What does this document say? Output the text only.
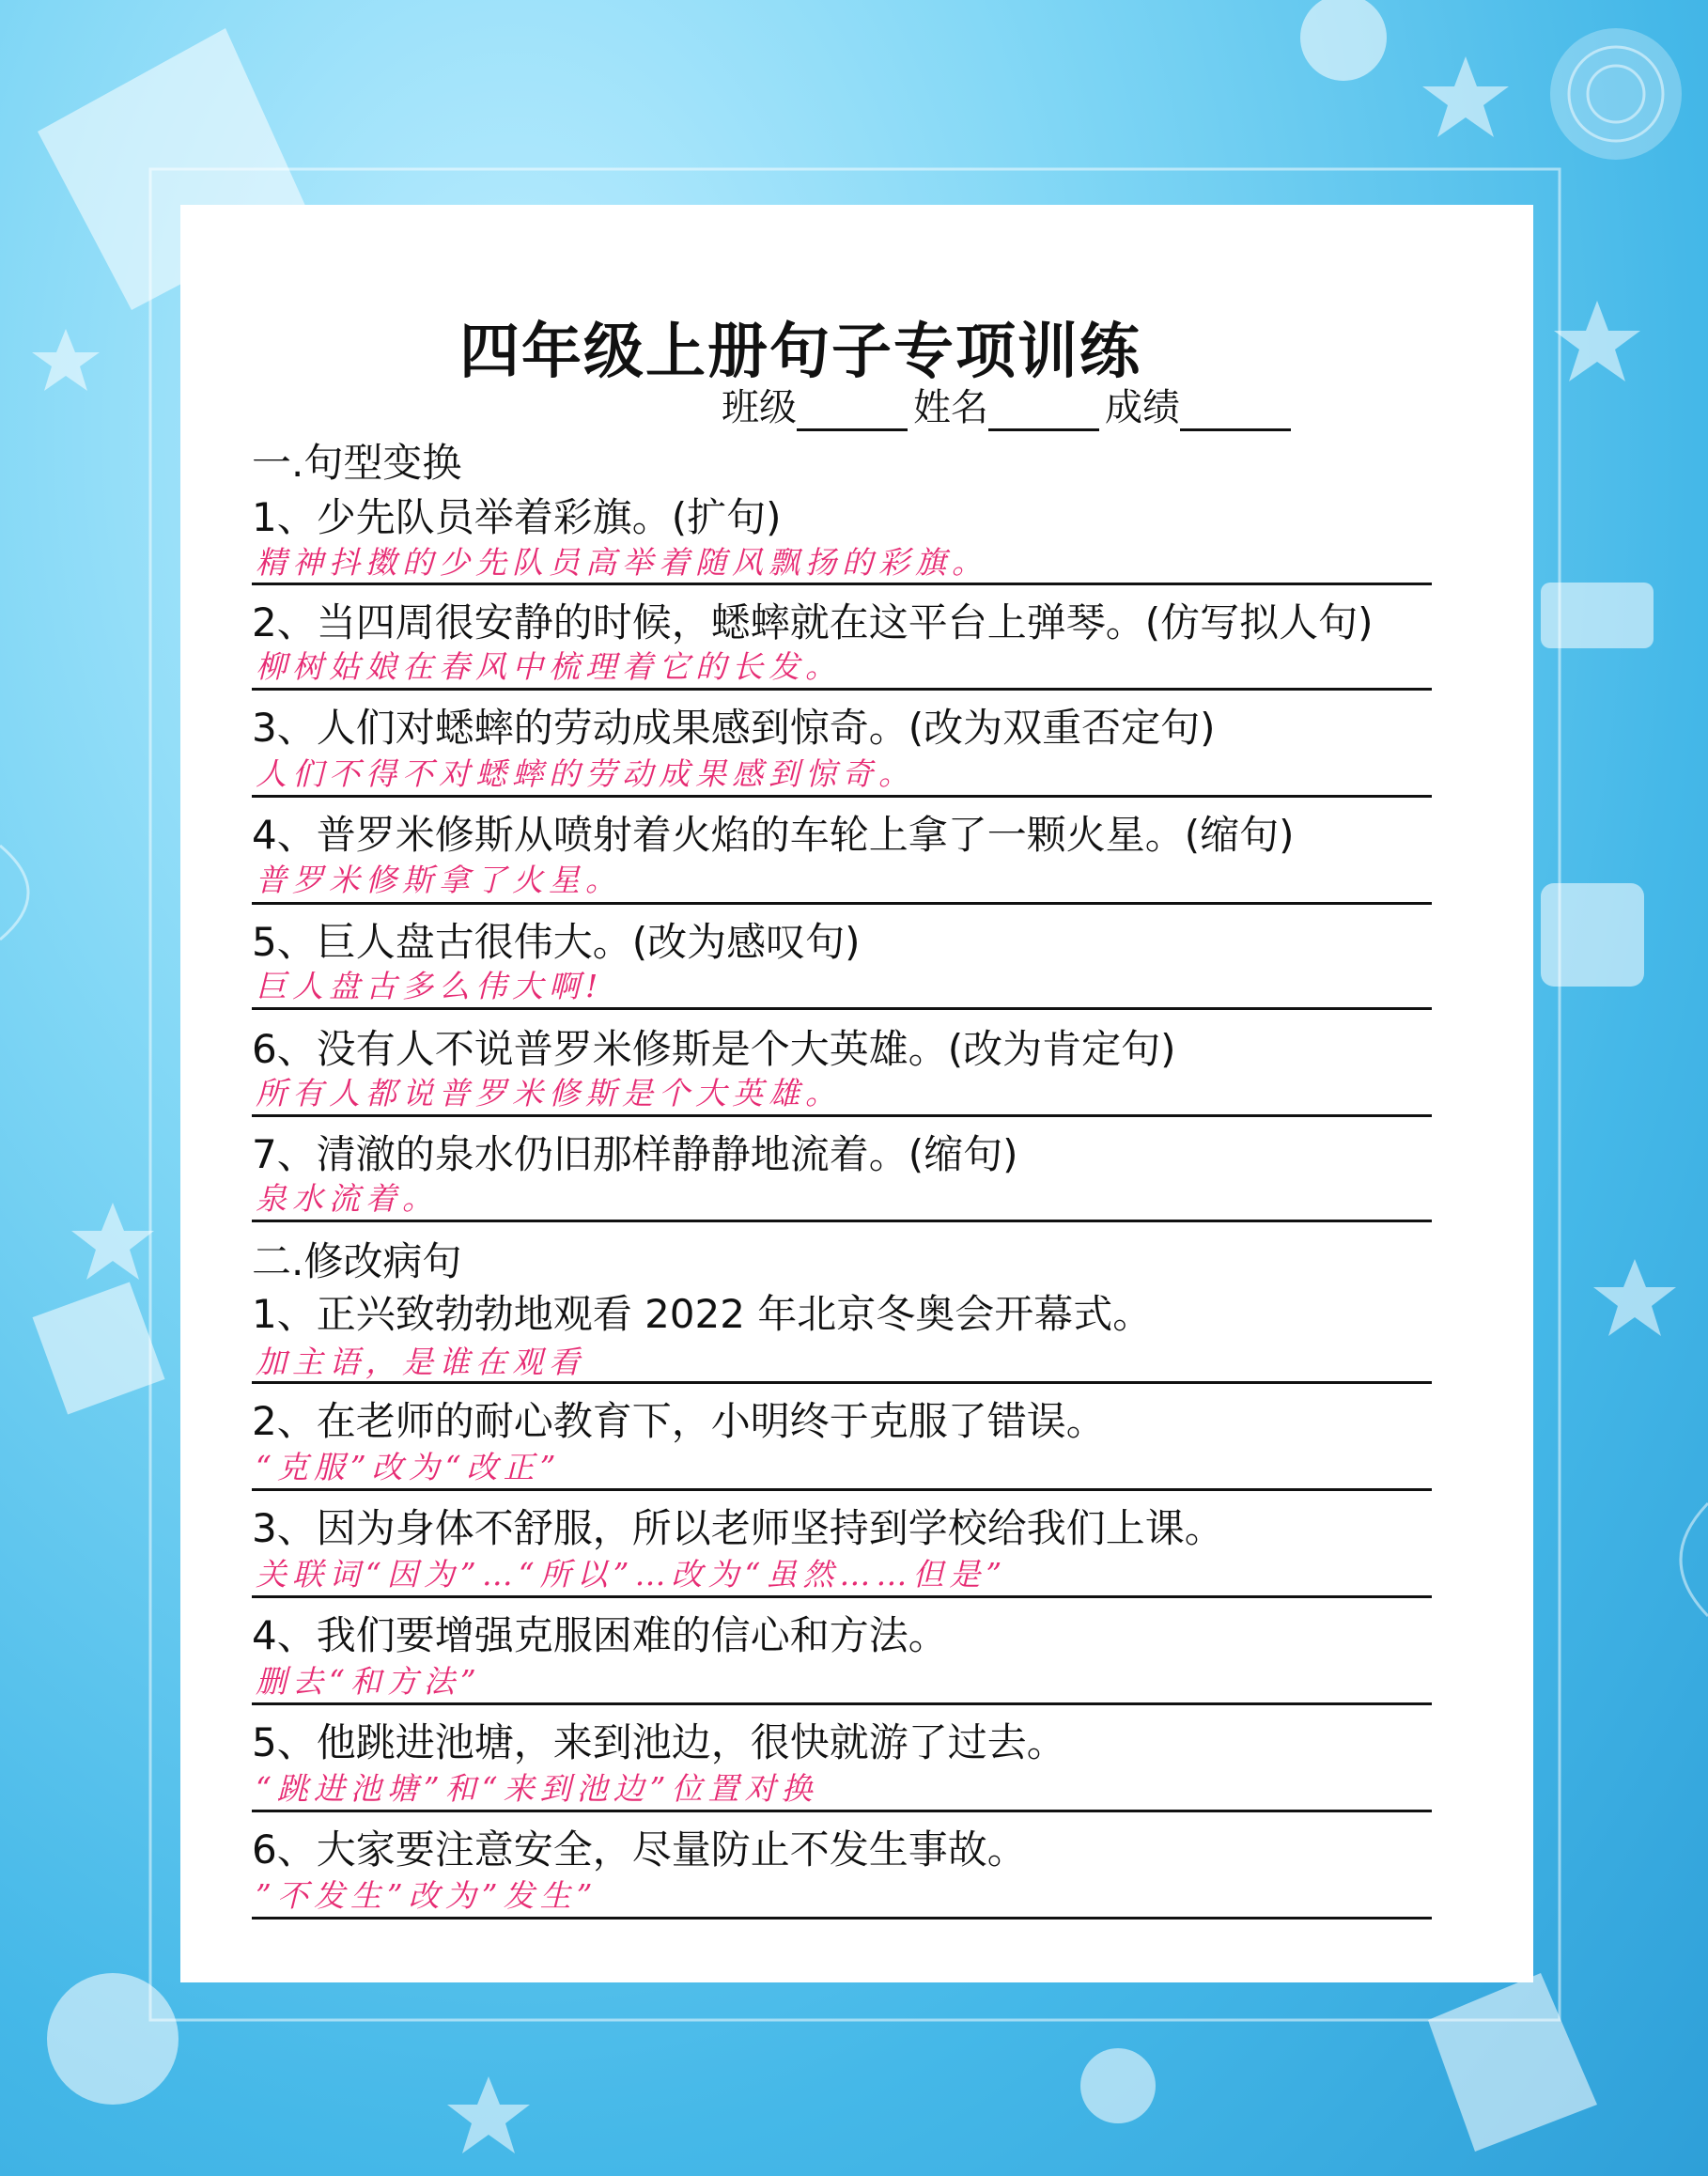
四年级上册句子专项训练
班级	姓名	成绩
一.句型变换
1、少先队员举着彩旗。(扩句)
精神抖擞的少先队员高举着随风飘扬的彩旗。
2、当四周很安静的时候，蟋蟀就在这平台上弹琴。(仿写拟人句)
柳树姑娘在春风中梳理着它的长发。
3、人们对蟋蟀的劳动成果感到惊奇。(改为双重否定句)
人们不得不对蟋蟀的劳动成果感到惊奇。
4、普罗米修斯从喷射着火焰的车轮上拿了一颗火星。(缩句)
普罗米修斯拿了火星。
5、巨人盘古很伟大。(改为感叹句)
巨人盘古多么伟大啊!
6、没有人不说普罗米修斯是个大英雄。(改为肯定句)
所有人都说普罗米修斯是个大英雄。
7、清澈的泉水仍旧那样静静地流着。(缩句)
泉水流着。
二.修改病句
1、正兴致勃勃地观看 2022 年北京冬奥会开幕式。
加主语，是谁在观看
2、在老师的耐心教育下，小明终于克服了错误。
“克服”改为“改正”
3、因为身体不舒服，所以老师坚持到学校给我们上课。
关联词“因为”…“所以”…改为“虽然……但是”
4、我们要增强克服困难的信心和方法。
删去“和方法”
5、他跳进池塘，来到池边，很快就游了过去。
“跳进池塘”和“来到池边”位置对换
6、大家要注意安全，尽量防止不发生事故。
”不发生”改为”发生”
